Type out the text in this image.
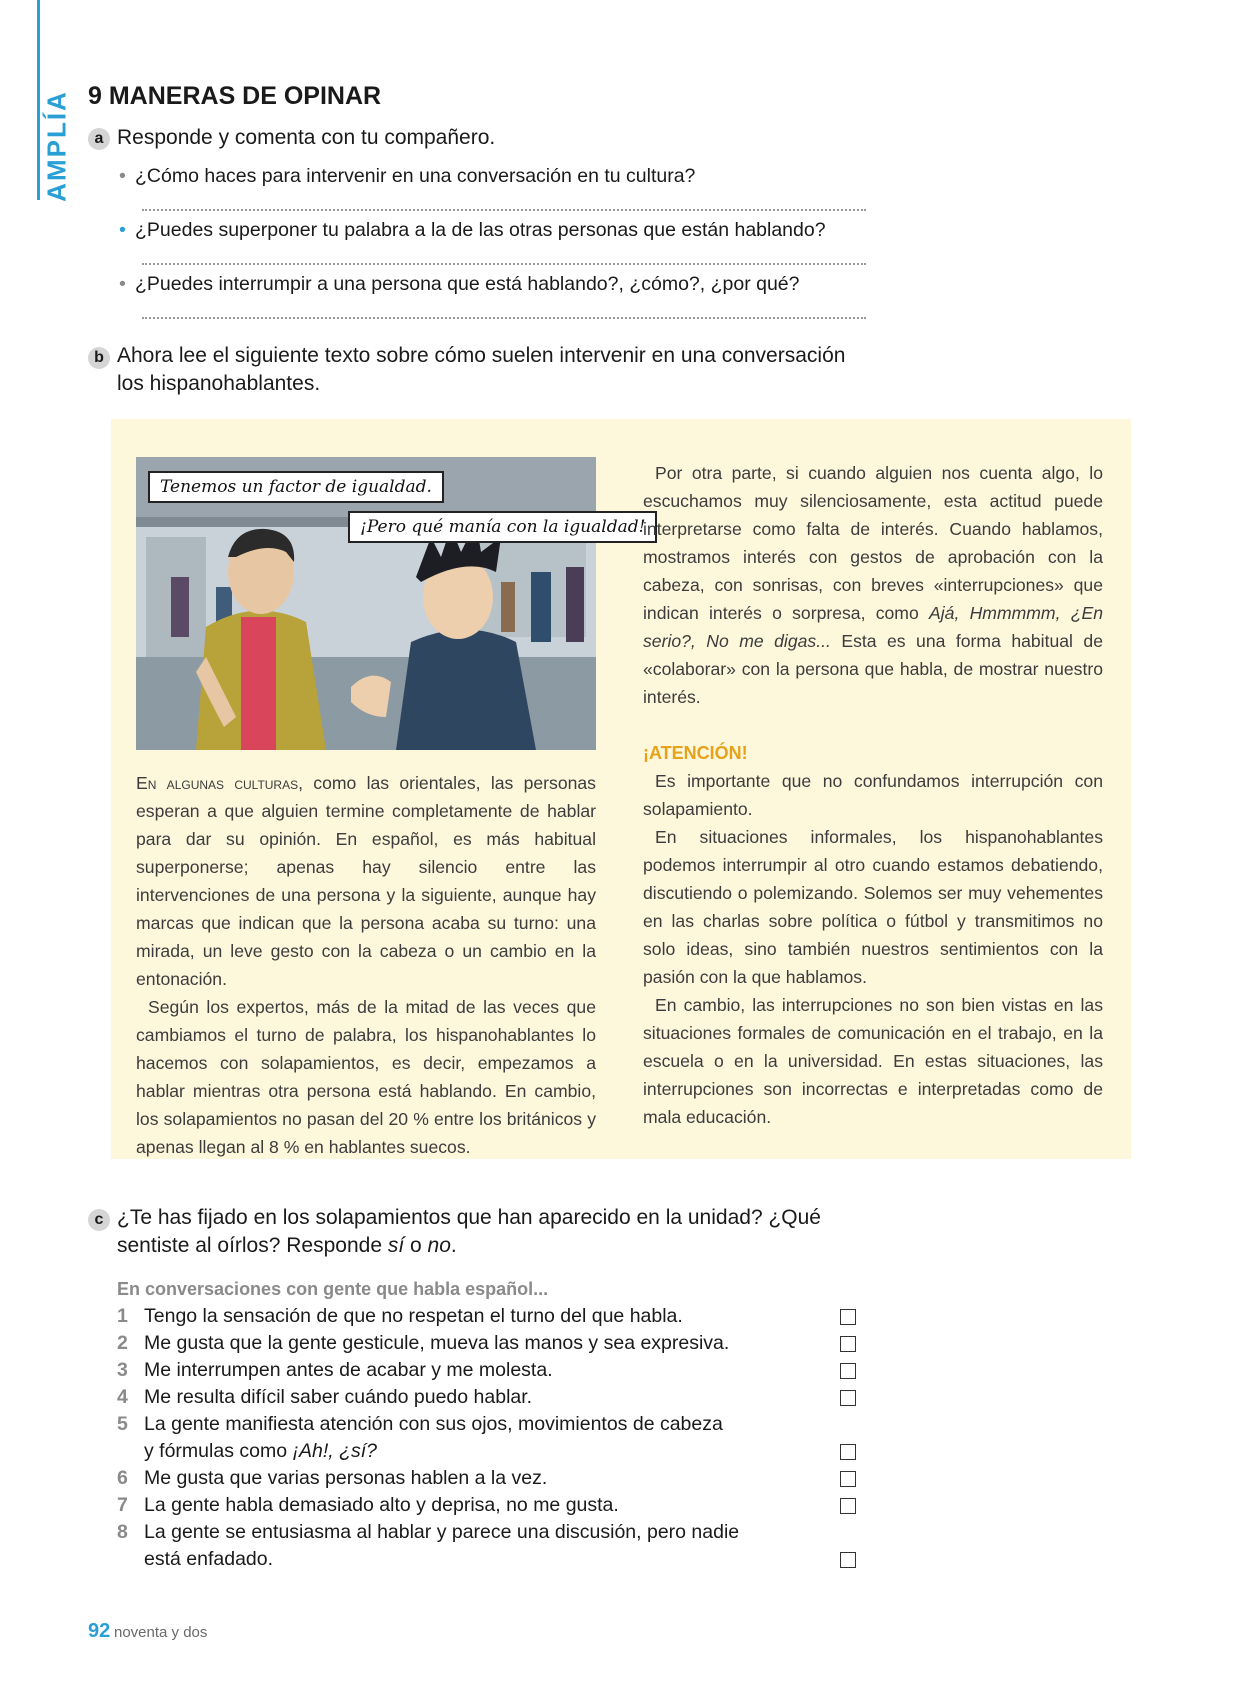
AMPLÍA 9 MANERAS DE OPINAR
a Responde y comenta con tu compañero.
• ¿Cómo haces para intervenir en una conversación en tu cultura?
• ¿Puedes superponer tu palabra a la de las otras personas que están hablando?
• ¿Puedes interrumpir a una persona que está hablando?, ¿cómo?, ¿por qué?
b Ahora lee el siguiente texto sobre cómo suelen intervenir en una conversación
los hispanohablantes.
Tenemos un factor de igualdad.
¡Pero qué manía con la igualdad!

En algunas culturas, como las orientales, las personas esperan a que alguien termine completamente de hablar para dar su opinión. En español, es más habitual superponerse; apenas hay silencio entre las intervenciones de una persona y la siguiente, aunque hay marcas que indican que la persona acaba su turno: una mirada, un leve gesto con la cabeza o un cambio en la entonación.

Según los expertos, más de la mitad de las veces que cambiamos el turno de palabra, los hispanohablantes lo hacemos con solapamientos, es decir, empezamos a hablar mientras otra persona está hablando. En cambio, los solapamientos no pasan del 20 % entre los británicos y apenas llegan al 8 % en hablantes suecos.

Por otra parte, si cuando alguien nos cuenta algo, lo escuchamos muy silenciosamente, esta actitud puede interpretarse como falta de interés. Cuando hablamos, mostramos interés con gestos de aprobación con la cabeza, con sonrisas, con breves «interrupciones» que indican interés o sorpresa, como Ajá, Hmmmmm, ¿En serio?, No me digas... Esta es una forma habitual de «colaborar» con la persona que habla, de mostrar nuestro interés.

¡ATENCIÓN!

Es importante que no confundamos interrupción con solapamiento.

En situaciones informales, los hispanohablantes podemos interrumpir al otro cuando estamos debatiendo, discutiendo o polemizando. Solemos ser muy vehementes en las charlas sobre política o fútbol y transmitimos no solo ideas, sino también nuestros sentimientos con la pasión con la que hablamos.

En cambio, las interrupciones no son bien vistas en las situaciones formales de comunicación en el trabajo, en la escuela o en la universidad. En estas situaciones, las interrupciones son incorrectas e interpretadas como de mala educación.

c ¿Te has fijado en los solapamientos que han aparecido en la unidad? ¿Qué
sentiste al oírlos? Responde sí o no.
En conversaciones con gente que habla español...
1 Tengo la sensación de que no respetan el turno del que habla.
2 Me gusta que la gente gesticule, mueva las manos y sea expresiva.
3 Me interrumpen antes de acabar y me molesta.
4 Me resulta difícil saber cuándo puedo hablar.
5 La gente manifiesta atención con sus ojos, movimientos de cabeza
y fórmulas como ¡Ah!, ¿sí?
6 Me gusta que varias personas hablen a la vez.
7 La gente habla demasiado alto y deprisa, no me gusta.
8 La gente se entusiasma al hablar y parece una discusión, pero nadie
está enfadado.
92 noventa y dos
